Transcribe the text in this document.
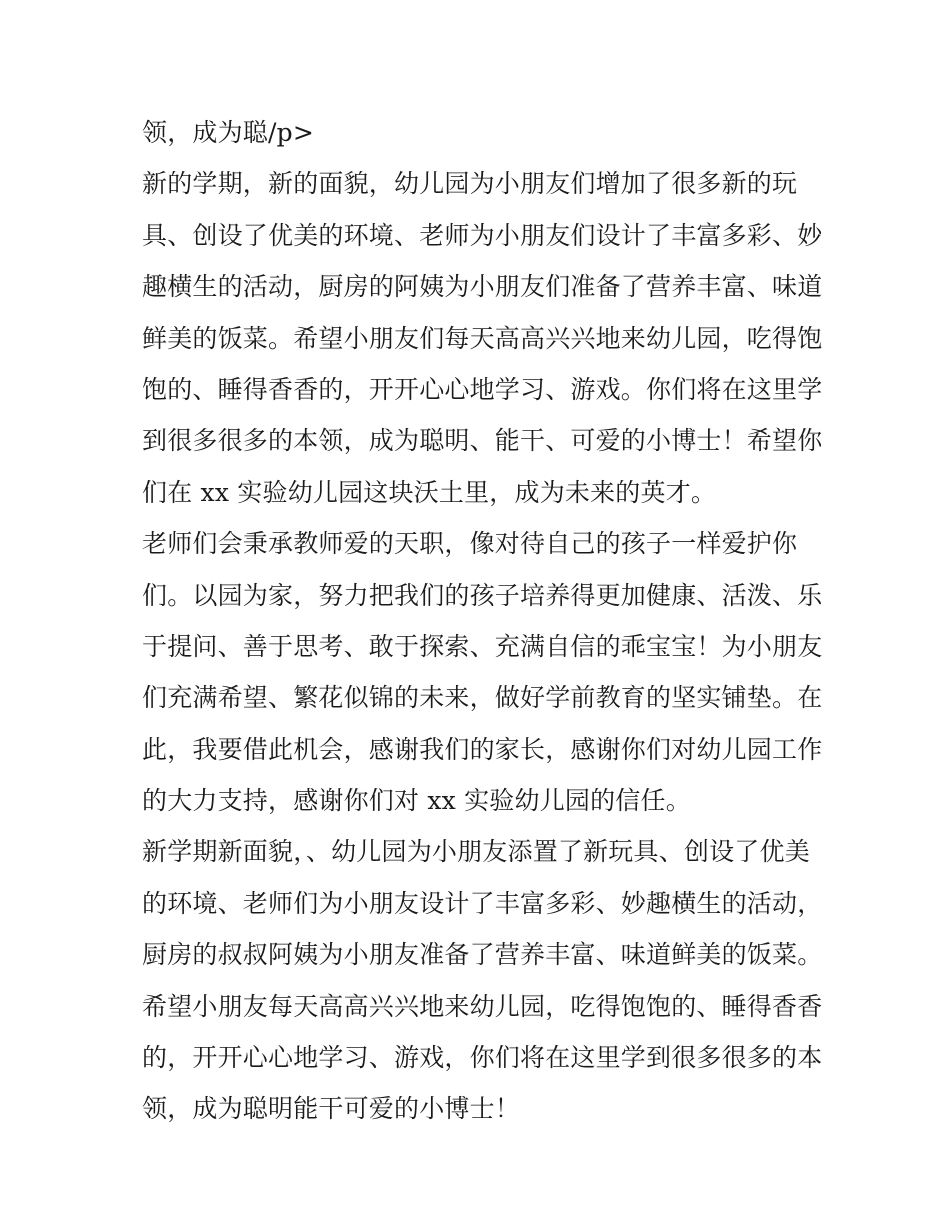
领，成为聪/p>
新的学期，新的面貌，幼儿园为小朋友们增加了很多新的玩
具、创设了优美的环境、老师为小朋友们设计了丰富多彩、妙
趣横生的活动，厨房的阿姨为小朋友们准备了营养丰富、味道
鲜美的饭菜。希望小朋友们每天高高兴兴地来幼儿园，吃得饱
饱的、睡得香香的，开开心心地学习、游戏。你们将在这里学
到很多很多的本领，成为聪明、能干、可爱的小博士！希望你
们在 xx 实验幼儿园这块沃土里，成为未来的英才。
老师们会秉承教师爱的天职，像对待自己的孩子一样爱护你
们。以园为家，努力把我们的孩子培养得更加健康、活泼、乐
于提问、善于思考、敢于探索、充满自信的乖宝宝！为小朋友
们充满希望、繁花似锦的未来，做好学前教育的坚实铺垫。在
此，我要借此机会，感谢我们的家长，感谢你们对幼儿园工作
的大力支持，感谢你们对 xx 实验幼儿园的信任。
新学期新面貌，、幼儿园为小朋友添置了新玩具、创设了优美
的环境、老师们为小朋友设计了丰富多彩、妙趣横生的活动，
厨房的叔叔阿姨为小朋友准备了营养丰富、味道鲜美的饭菜。
希望小朋友每天高高兴兴地来幼儿园，吃得饱饱的、睡得香香
的，开开心心地学习、游戏，你们将在这里学到很多很多的本
领，成为聪明能干可爱的小博士！
